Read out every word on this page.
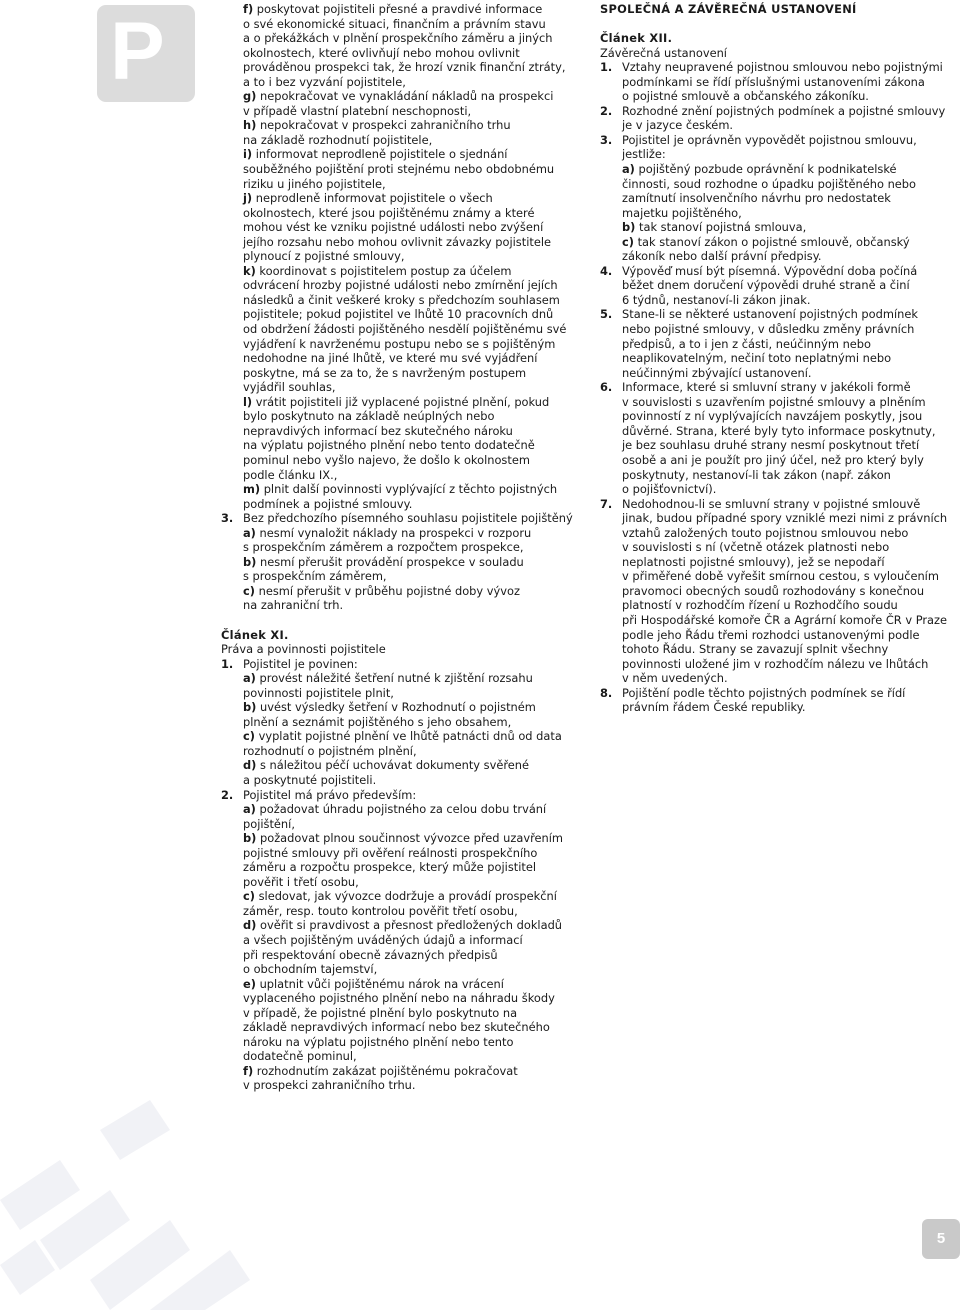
P	f) poskytovat pojistiteli přesné a pravdivé informace
o své ekonomické situaci, finančním a právním stavu
a o překážkách v plnění prospekčního záměru a jiných
okolnostech, které ovlivňují nebo mohou ovlivnit
prováděnou prospekci tak, že hrozí vznik finanční ztráty,
a to i bez vyzvání pojistitele,
g) nepokračovat ve vynakládání nákladů na prospekci
v případě vlastní platební neschopnosti,
h) nepokračovat v prospekci zahraničního trhu
na základě rozhodnutí pojistitele,
i) informovat neprodleně pojistitele o sjednání
souběžného pojištění proti stejnému nebo obdobnému
riziku u jiného pojistitele,
j) neprodleně informovat pojistitele o všech
okolnostech, které jsou pojištěnému známy a které
mohou vést ke vzniku pojistné události nebo zvýšení
jejího rozsahu nebo mohou ovlivnit závazky pojistitele
plynoucí z pojistné smlouvy,
k) koordinovat s pojistitelem postup za účelem
odvrácení hrozby pojistné události nebo zmírnění jejích
následků a činit veškeré kroky s předchozím souhlasem
pojistitele; pokud pojistitel ve lhůtě 10 pracovních dnů
od obdržení žádosti pojištěného nesdělí pojištěnému své
vyjádření k navrženému postupu nebo se s pojištěným
nedohodne na jiné lhůtě, ve které mu své vyjádření
poskytne, má se za to, že s navrženým postupem
vyjádřil souhlas,
l) vrátit pojistiteli již vyplacené pojistné plnění, pokud
bylo poskytnuto na základě neúplných nebo
nepravdivých informací bez skutečného nároku
na výplatu pojistného plnění nebo tento dodatečně
pominul nebo vyšlo najevo, že došlo k okolnostem
podle článku IX.,
m) plnit další povinnosti vyplývající z těchto pojistných
podmínek a pojistné smlouvy.
3. Bez předchozího písemného souhlasu pojistitele pojištěný
a) nesmí vynaložit náklady na prospekci v rozporu
s prospekčním záměrem a rozpočtem prospekce,
b) nesmí přerušit provádění prospekce v souladu
s prospekčním záměrem,
c) nesmí přerušit v průběhu pojistné doby vývoz
na zahraniční trh.
Článek XI.
Práva a povinnosti pojistitele
1. Pojistitel je povinen:
a) provést náležité šetření nutné k zjištění rozsahu
povinnosti pojistitele plnit,
b) uvést výsledky šetření v Rozhodnutí o pojistném
plnění a seznámit pojištěného s jeho obsahem,
c) vyplatit pojistné plnění ve lhůtě patnácti dnů od data
rozhodnutí o pojistném plnění,
d) s náležitou péčí uchovávat dokumenty svěřené
a poskytnuté pojistiteli.
2. Pojistitel má právo především:
a) požadovat úhradu pojistného za celou dobu trvání
pojištění,
b) požadovat plnou součinnost vývozce před uzavřením
pojistné smlouvy při ověření reálnosti prospekčního
záměru a rozpočtu prospekce, který může pojistitel
pověřit i třetí osobu,
c) sledovat, jak vývozce dodržuje a provádí prospekční
záměr, resp. touto kontrolou pověřit třetí osobu,
d) ověřit si pravdivost a přesnost předložených dokladů
a všech pojištěným uváděných údajů a informací
při respektování obecně závazných předpisů
o obchodním tajemství,
e) uplatnit vůči pojištěnému nárok na vrácení
vyplaceného pojistného plnění nebo na náhradu škody
v případě, že pojistné plnění bylo poskytnuto na
základě nepravdivých informací nebo bez skutečného
nároku na výplatu pojistného plnění nebo tento
dodatečně pominul,
f) rozhodnutím zakázat pojištěnému pokračovat
v prospekci zahraničního trhu.
SPOLEČNÁ A ZÁVĚREČNÁ USTANOVENÍ
Článek XII.
Závěrečná ustanovení
1. Vztahy neupravené pojistnou smlouvou nebo pojistnými
podmínkami se řídí příslušnými ustanoveními zákona
o pojistné smlouvě a občanského zákoníku.
2. Rozhodné znění pojistných podmínek a pojistné smlouvy
je v jazyce českém.
3. Pojistitel je oprávněn vypovědět pojistnou smlouvu,
jestliže:
a) pojištěný pozbude oprávnění k podnikatelské
činnosti, soud rozhodne o úpadku pojištěného nebo
zamítnutí insolvenčního návrhu pro nedostatek
majetku pojištěného,
b) tak stanoví pojistná smlouva,
c) tak stanoví zákon o pojistné smlouvě, občanský
zákoník nebo další právní předpisy.
4. Výpověď musí být písemná. Výpovědní doba počíná
běžet dnem doručení výpovědi druhé straně a činí
6 týdnů, nestanoví-li zákon jinak.
5. Stane-li se některé ustanovení pojistných podmínek
nebo pojistné smlouvy, v důsledku změny právních
předpisů, a to i jen z části, neúčinným nebo
neaplikovatelným, nečiní toto neplatnými nebo
neúčinnými zbývající ustanovení.
6. Informace, které si smluvní strany v jakékoli formě
v souvislosti s uzavřením pojistné smlouvy a plněním
povinností z ní vyplývajících navzájem poskytly, jsou
důvěrné. Strana, které byly tyto informace poskytnuty,
je bez souhlasu druhé strany nesmí poskytnout třetí
osobě a ani je použít pro jiný účel, než pro který byly
poskytnuty, nestanoví-li tak zákon (např. zákon
o pojišťovnictví).
7. Nedohodnou-li se smluvní strany v pojistné smlouvě
jinak, budou případné spory vzniklé mezi nimi z právních
vztahů založených touto pojistnou smlouvou nebo
v souvislosti s ní (včetně otázek platnosti nebo
neplatnosti pojistné smlouvy), jež se nepodaří
v přiměřené době vyřešit smírnou cestou, s vyloučením
pravomoci obecných soudů rozhodovány s konečnou
platností v rozhodčím řízení u Rozhodčího soudu
při Hospodářské komoře ČR a Agrární komoře ČR v Praze
podle jeho Řádu třemi rozhodci ustanovenými podle
tohoto Řádu. Strany se zavazují splnit všechny
povinnosti uložené jim v rozhodčím nálezu ve lhůtách
v něm uvedených.
8. Pojištění podle těchto pojistných podmínek se řídí
právním řádem České republiky.
5
